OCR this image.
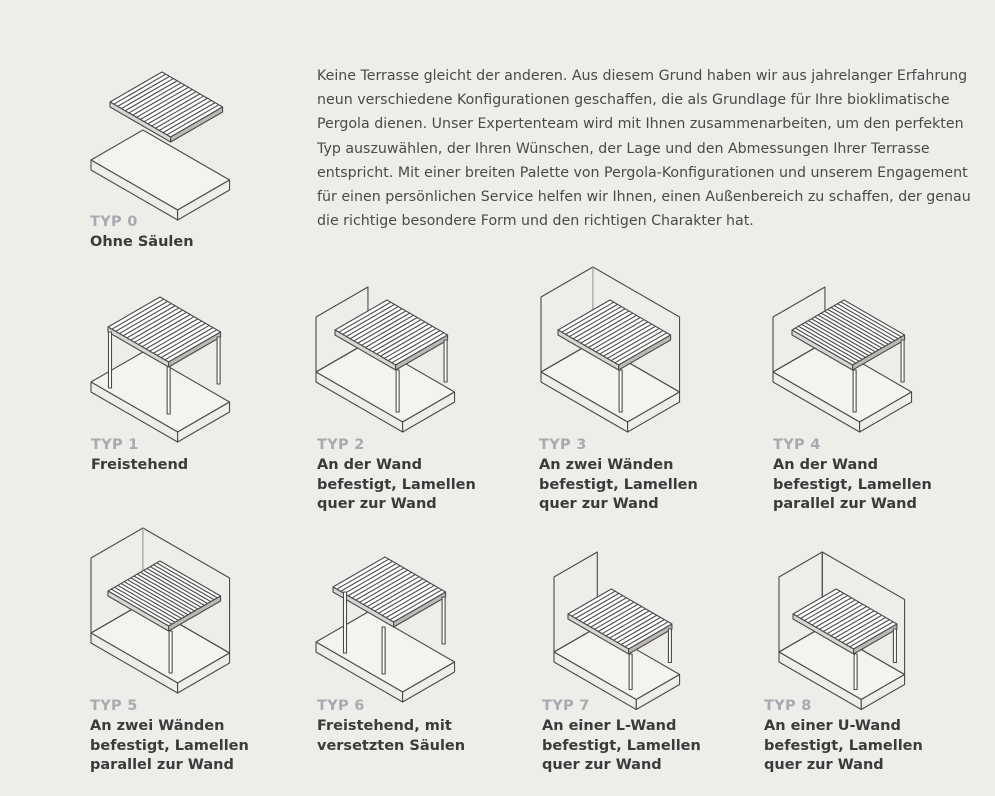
Keine Terrasse gleicht der anderen. Aus diesem Grund haben wir aus jahrelanger Erfahrung neun verschiedene Konfigurationen geschaffen, die als Grundlage für Ihre bioklimatische Pergola dienen. Unser Expertenteam wird mit Ihnen zusammenarbeiten, um den perfekten Typ auszuwählen, der Ihren Wünschen, der Lage und den Abmessungen Ihrer Terrasse entspricht. Mit einer breiten Palette von Pergola-Konfigurationen und unserem Engagement für einen persönlichen Service helfen wir Ihnen, einen Außenbereich zu schaffen, der genau die richtige besondere Form und den richtigen Charakter hat.

TYP 0
Ohne Säulen
TYP 1
Freistehend
TYP 2
An der Wand
befestigt, Lamellen
quer zur Wand
TYP 3
An zwei Wänden
befestigt, Lamellen
quer zur Wand
TYP 4
An der Wand
befestigt, Lamellen
parallel zur Wand
TYP 5
An zwei Wänden
befestigt, Lamellen
parallel zur Wand
TYP 6
Freistehend, mit
versetzten Säulen
TYP 7
An einer L-Wand
befestigt, Lamellen
quer zur Wand
TYP 8
An einer U-Wand
befestigt, Lamellen
quer zur Wand
